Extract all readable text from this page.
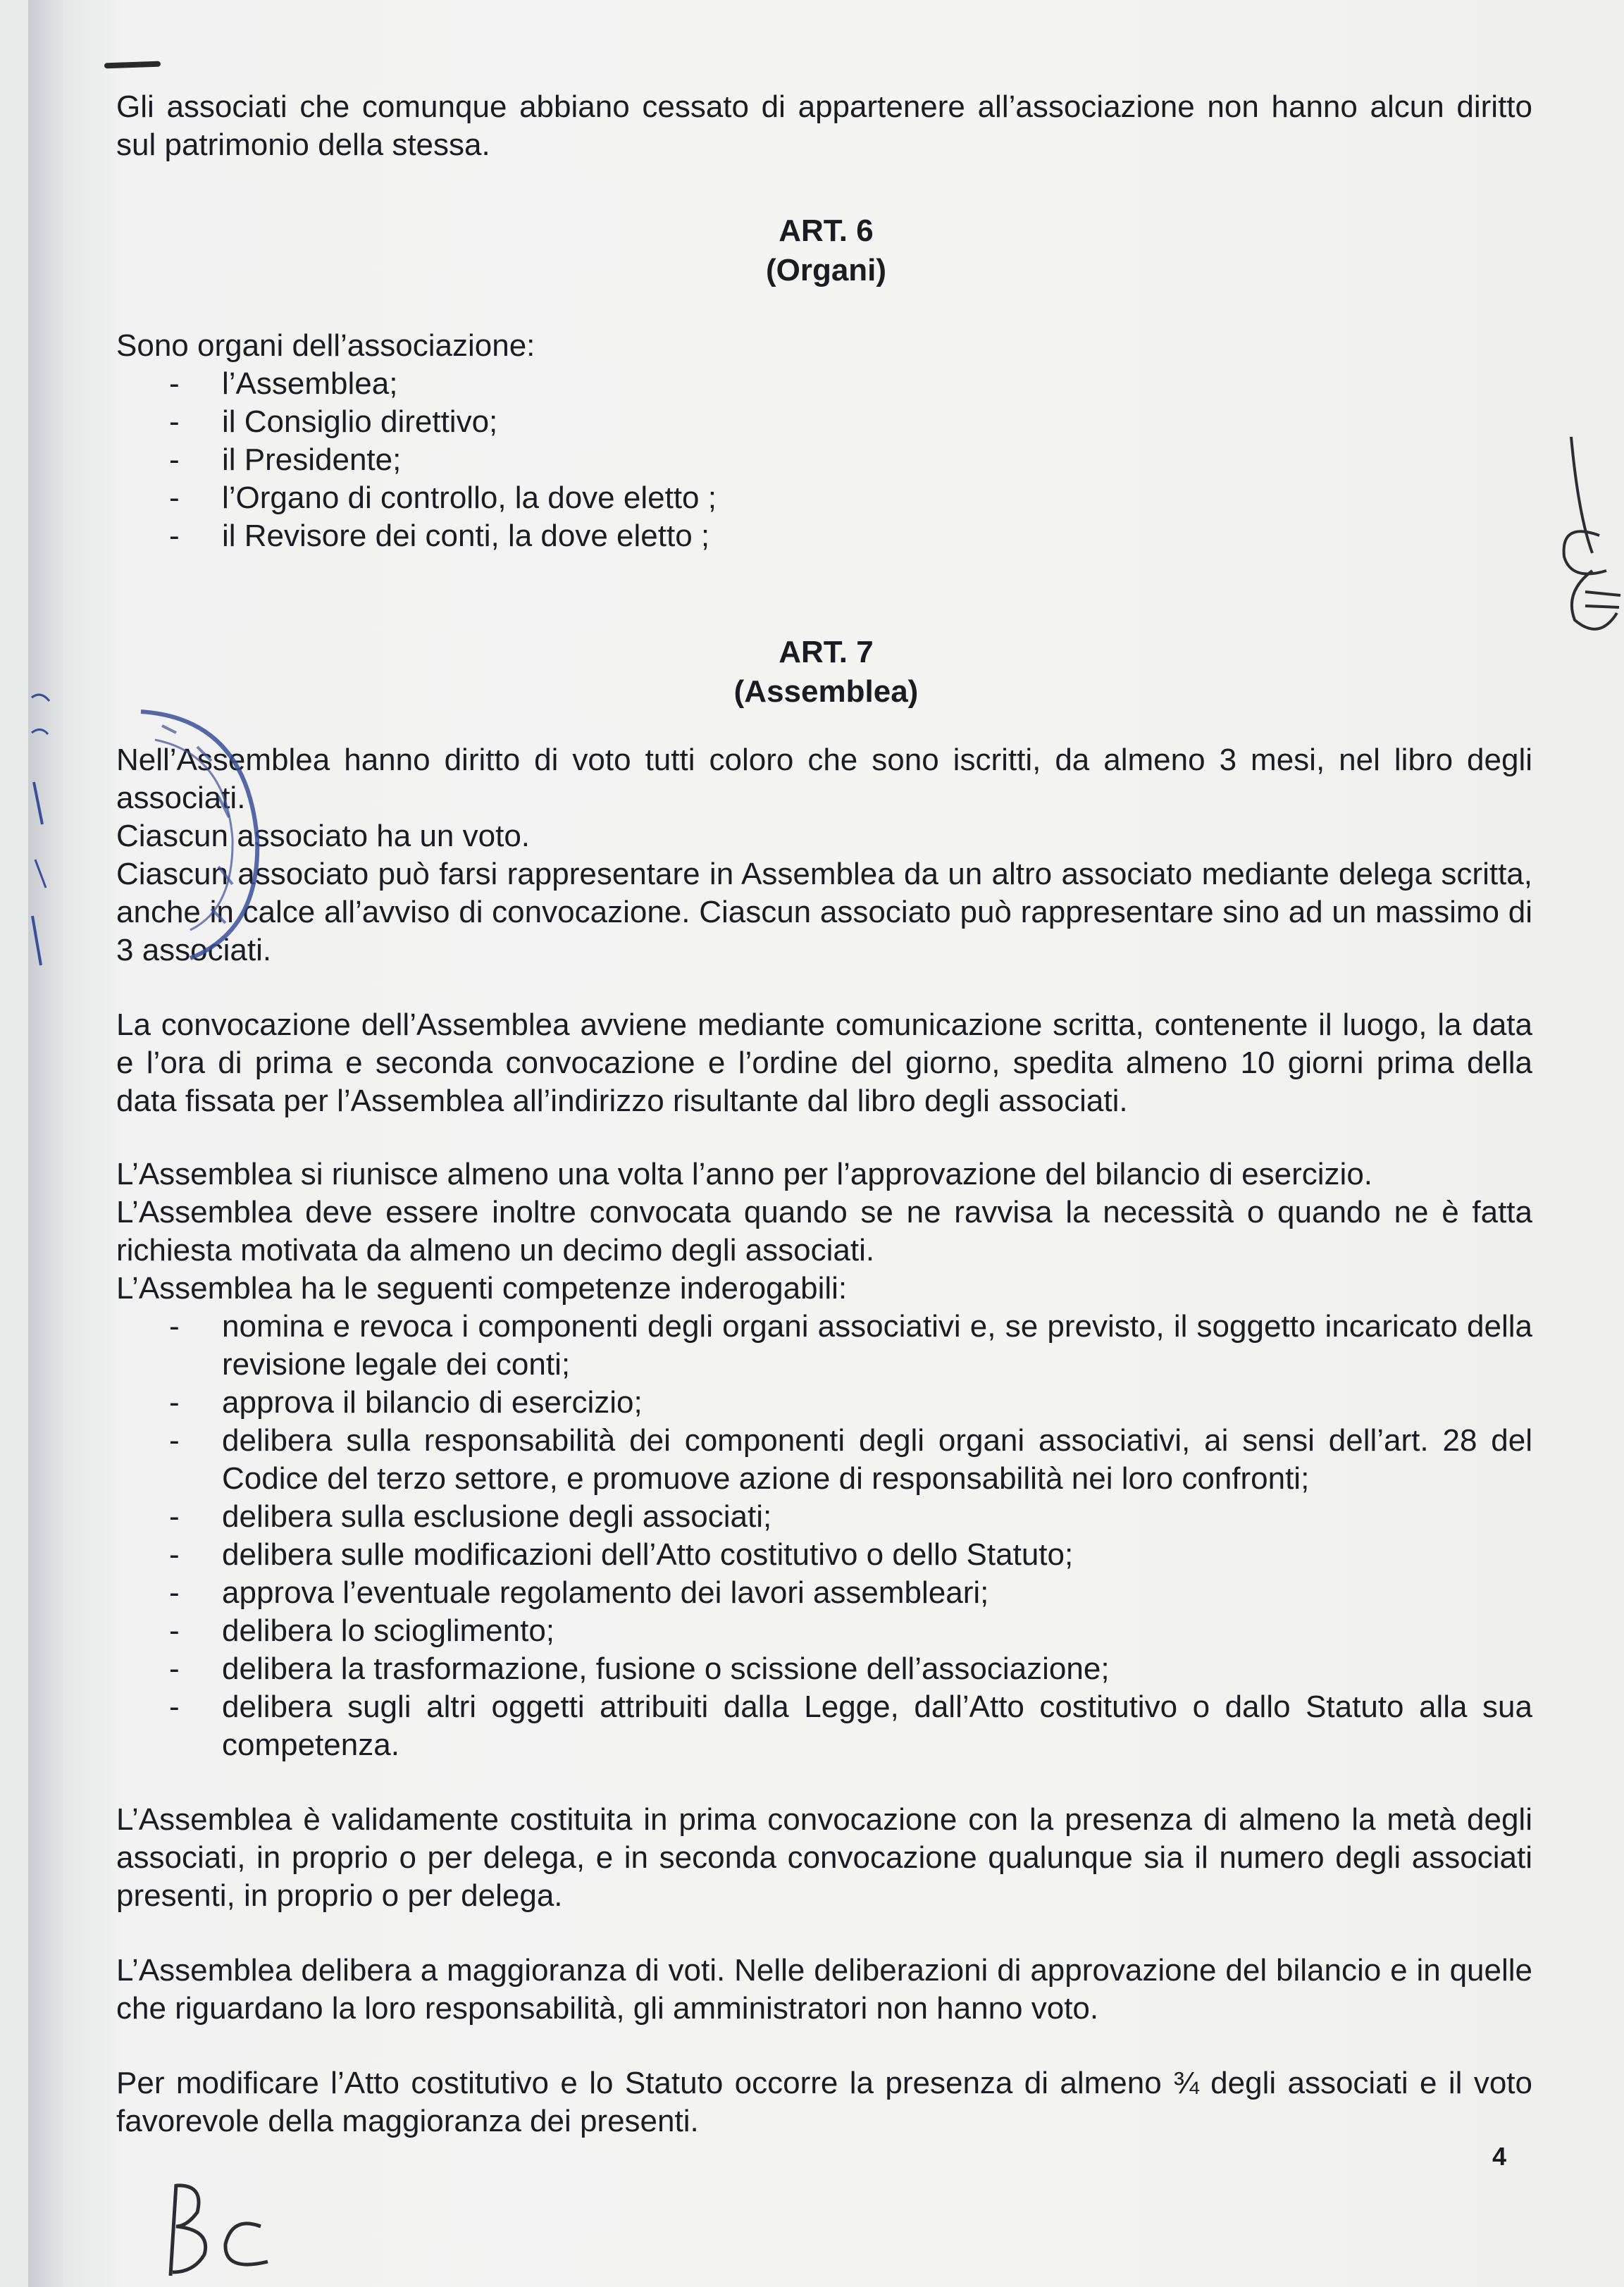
Gli associati che comunque abbiano cessato di appartenere all’associazione non hanno alcun diritto sul patrimonio della stessa.

ART. 6
(Organi)

Sono organi dell’associazione:

- l’Assemblea;
- il Consiglio direttivo;
- il Presidente;
- l’Organo di controllo, la dove eletto ;
- il Revisore dei conti, la dove eletto ;
ART. 7
(Assemblea)

Nell’Assemblea hanno diritto di voto tutti coloro che sono iscritti, da almeno 3 mesi, nel libro degli associati.

Ciascun associato ha un voto.

Ciascun associato può farsi rappresentare in Assemblea da un altro associato mediante delega scritta, anche in calce all’avviso di convocazione. Ciascun associato può rappresentare sino ad un massimo di 3 associati.

La convocazione dell’Assemblea avviene mediante comunicazione scritta, contenente il luogo, la data e l’ora di prima e seconda convocazione e l’ordine del giorno, spedita almeno 10 giorni prima della data fissata per l’Assemblea all’indirizzo risultante dal libro degli associati.

L’Assemblea si riunisce almeno una volta l’anno per l’approvazione del bilancio di esercizio.

L’Assemblea deve essere inoltre convocata quando se ne ravvisa la necessità o quando ne è fatta richiesta motivata da almeno un decimo degli associati.

L’Assemblea ha le seguenti competenze inderogabili:

- nomina e revoca i componenti degli organi associativi e, se previsto, il soggetto incaricato della revisione legale dei conti;
- approva il bilancio di esercizio;
- delibera sulla responsabilità dei componenti degli organi associativi, ai sensi dell’art. 28 del Codice del terzo settore, e promuove azione di responsabilità nei loro confronti;
- delibera sulla esclusione degli associati;
- delibera sulle modificazioni dell’Atto costitutivo o dello Statuto;
- approva l’eventuale regolamento dei lavori assembleari;
- delibera lo scioglimento;
- delibera la trasformazione, fusione o scissione dell’associazione;
- delibera sugli altri oggetti attribuiti dalla Legge, dall’Atto costitutivo o dallo Statuto alla sua competenza.

L’Assemblea è validamente costituita in prima convocazione con la presenza di almeno la metà degli associati, in proprio o per delega, e in seconda convocazione qualunque sia il numero degli associati presenti, in proprio o per delega.

L’Assemblea delibera a maggioranza di voti. Nelle deliberazioni di approvazione del bilancio e in quelle che riguardano la loro responsabilità, gli amministratori non hanno voto.

Per modificare l’Atto costitutivo e lo Statuto occorre la presenza di almeno ¾ degli associati e il voto favorevole della maggioranza dei presenti.

4
